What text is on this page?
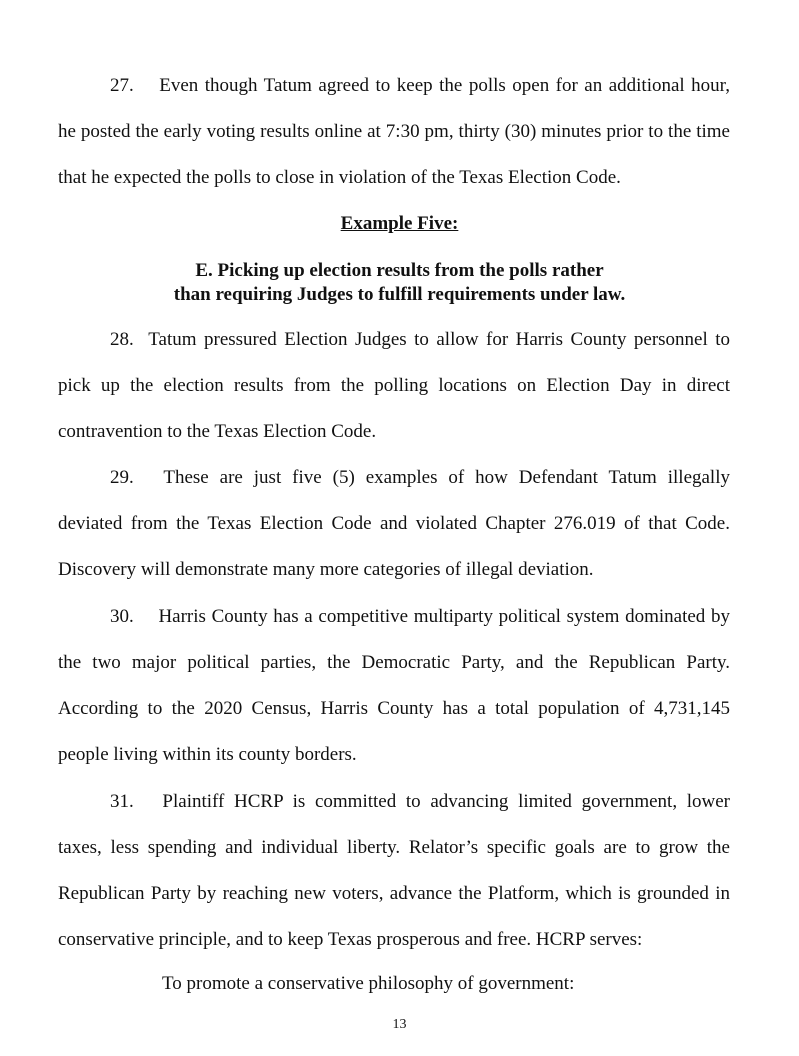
27.  Even though Tatum agreed to keep the polls open for an additional hour, he posted the early voting results online at 7:30 pm, thirty (30) minutes prior to the time that he expected the polls to close in violation of the Texas Election Code.

Example Five:
E. Picking up election results from the polls rather
than requiring Judges to fulfill requirements under law.

28.  Tatum pressured Election Judges to allow for Harris County personnel to pick up the election results from the polling locations on Election Day in direct contravention to the Texas Election Code.

29.  These are just five (5) examples of how Defendant Tatum illegally deviated from the Texas Election Code and violated Chapter 276.019 of that Code. Discovery will demonstrate many more categories of illegal deviation.

30.  Harris County has a competitive multiparty political system dominated by the two major political parties, the Democratic Party, and the Republican Party. According to the 2020 Census, Harris County has a total population of 4,731,145 people living within its county borders.

31.  Plaintiff HCRP is committed to advancing limited government, lower taxes, less spending and individual liberty. Relator’s specific goals are to grow the Republican Party by reaching new voters, advance the Platform, which is grounded in conservative principle, and to keep Texas prosperous and free. HCRP serves:

To promote a conservative philosophy of government:
13
